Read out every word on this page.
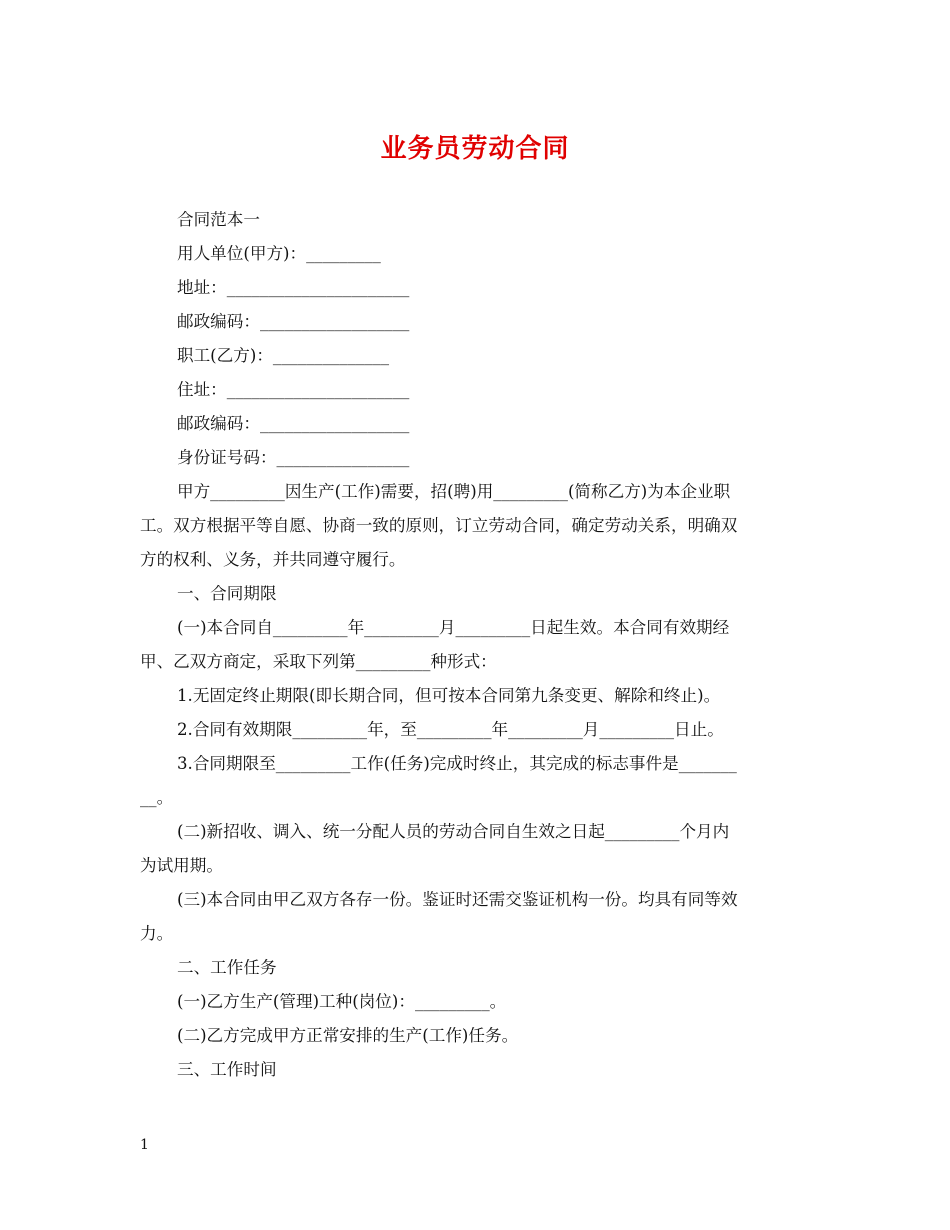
业务员劳动合同
合同范本一
用人单位(甲方)：_________
地址：______________________
邮政编码：__________________
职工(乙方)：______________
住址：______________________
邮政编码：__________________
身份证号码：________________
甲方_________因生产(工作)需要，招(聘)用_________(简称乙方)为本企业职
工。双方根据平等自愿、协商一致的原则，订立劳动合同，确定劳动关系，明确双
方的权利、义务，并共同遵守履行。
一、合同期限
(一)本合同自_________年_________月_________日起生效。本合同有效期经
甲、乙双方商定，采取下列第_________种形式：
1.无固定终止期限(即长期合同，但可按本合同第九条变更、解除和终止)。
2.合同有效期限_________年，至_________年_________月_________日止。
3.合同期限至_________工作(任务)完成时终止，其完成的标志事件是_______
__。
(二)新招收、调入、统一分配人员的劳动合同自生效之日起_________个月内
为试用期。
(三)本合同由甲乙双方各存一份。鉴证时还需交鉴证机构一份。均具有同等效
力。
二、工作任务
(一)乙方生产(管理)工种(岗位)：_________。
(二)乙方完成甲方正常安排的生产(工作)任务。
三、工作时间
1
